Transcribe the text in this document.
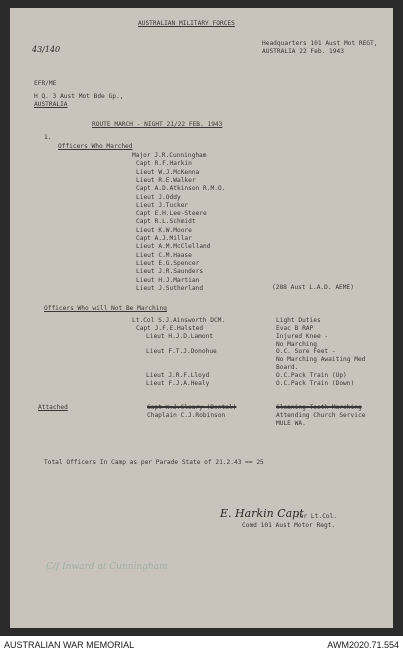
AUSTRALIAN MILITARY FORCES
43/140
Headquarters 101 Aust Mot REGT,
AUSTRALIA 22 Feb. 1943
EFR/ME
H Q. 3 Aust Mot Bde Gp.,
AUSTRALIA
ROUTE MARCH - NIGHT 21/22 FEB. 1943
1.
Officers Who Marched
Major J.R.Cunningham
Capt R.F.Harkin
Lieut W.J.McKenna
Lieut R.E.Walker
Capt A.D.Atkinson R.M.O.
Lieut J.Oddy
Lieut J.Tucker
Capt E.H.Lee-Steere
Capt R.L.Schmidt
Lieut K.W.Moore
Capt A.J.Millar
Lieut A.M.McClelland
Lieut C.M.Haase
Lieut E.G.Spencer
Lieut J.R.Saunders
Lieut H.J.Martian
Lieut J.Sutherland	(288 Aust L.A.D. AEME)
Officers Who will Not Be Marching
Lt.Col S.J.Ainsworth DCM.	Light Duties
Capt J.F.E.Halsted	Evac B RAP
Lieut H.J.D.Lamont	Injured Knee -
No Marching
Lieut F.T.J.Donohue	O.C. Sore Feet -
No Marching Awaiting Med
Board.
Lieut J.R.F.Lloyd	O.C.Pack Train (Up)
Lieut F.J.A.Healy	O.C.Pack Train (Down)
Attached	Capt W.J.Cleary (Dental)	Cleaning Teeth Marching
Chaplain C.J.Robinson	Attending Church Service
MULE WA.
Total Officers In Camp as per Parade State of 21.2.43 == 25
E. Harkin Capt
for Lt.Col.
Comd 101 Aust Motor Regt.
C/f Inward at Cunningham
AUSTRALIAN WAR MEMORIAL	AWM2020.71.554
